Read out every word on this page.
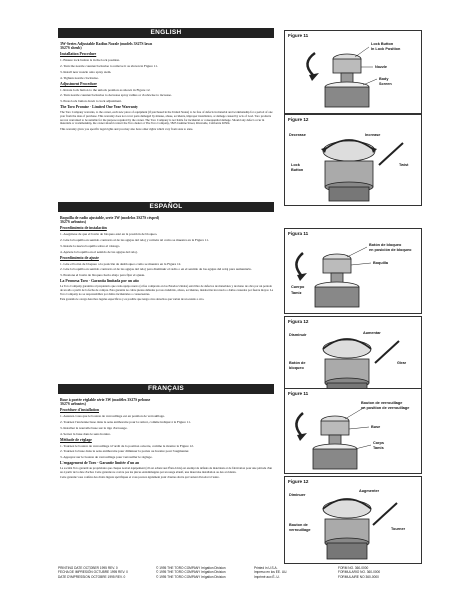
ENGLISH

3W-Series Adjustable Radius Nozzle (models 3S27S lawn
3S27S shrub)

Installation Procedure

1. Ensure lock button is in the lock position.

2. Turn the nozzle counterclockwise to remove it as shown in Figure 11.

3. Install new nozzle onto spray stem.

4. Tighten nozzle clockwise.

Adjustment Procedure

1. Rotate lock button to the unlock position as shown in Figure 12.

2. Turn nozzle counterclockwise to decrease spray radius or clockwise to increase.

3. Press lock button down to lock adjustment.

The Toro Promise - Limited One Year Warranty

The Toro Company warrants, to the owner, each new piece of equipment (if purchased in the United States) to be free of defects in material and workmanship for a period of one year from the date of purchase. This warranty does not cover parts damaged by misuse, abuse, accidents, improper installation, or damage caused by acts of God. Toro products are not warranted to be suitable for the purpose required by the owner. The Toro Company is not liable for incidental or consequential damage. Should any defect occur in materials or workmanship, the owner should contact the Toro dealer or The Toro Company, 5825 Jasmine Street, Riverside, California 92504.

This warranty gives you specific legal rights and you may also have other rights which vary from state to state.

Figure 11
Lock Button
In Lock Position
Nozzle
Body
Screen
Figure 12
Decrease	Increase
Lock
Button
Twist
ESPAÑOL

Boquilla de radio ajustable, serie 3W (modelos 3S27S césped)
3S27S arbustos)

Procedimiento de instalación

1. Asegúrese de que el botón de bloqueo esté en la posición de bloqueo.

2. Gire la boquilla en sentido contrario al de las agujas del reloj y retírela tal como se muestra en la Figura 11.

3. Instale la nueva boquilla sobre el vástago.

4. Apriete la boquilla en el sentido de las agujas del reloj.

Procedimiento de ajuste

1. Gire el botón de bloqueo a la posición de desbloqueo como se muestra en la Figura 12.

2. Gire la boquilla en sentido contrario al de las agujas del reloj para disminuir el radio o en el sentido de las agujas del reloj para aumentarlo.

3. Presione el botón de bloqueo hacia abajo para fijar el ajuste.

La Promesa Toro - Garantía limitada por un año

La Toro Company garantiza al propietario que cada equipo nuevo (si fue comprado en los Estados Unidos) está libre de defectos de materiales y de mano de obra por un período de un año a partir de la fecha de compra. Esta garantía no cubre piezas dañadas por uso indebido, abuso, accidentes, instalación incorrecta o daños causados por fuerza mayor. La Toro Company no se responsabiliza por daños incidentales o consecuentes.

Esta garantía le otorga derechos legales específicos y es posible que tenga otros derechos que varían de un estado a otro.

Figura 11
Botón de bloqueo
en posición de bloqueo
Boquilla
Cuerpo
Tamiz
Figura 12
Disminuir	Aumentar
Botón de
bloqueo
Girar
FRANÇAIS

Buse à portée réglable série 3W (modèles 3S27S pelouse
3S27S arbustes)

Procédure d'installation

1. Assurez-vous que le bouton de verrouillage est en position de verrouillage.

2. Tournez l'ancienne buse dans le sens antihoraire pour la retirer, comme indiqué à la Figure 11.

3. Installez la nouvelle buse sur la tige d'arrosage.

4. Serrez la buse dans le sens horaire.

Méthode de réglage

1. Tournez le bouton de verrouillage à l'arrêt de la position ouverte, comme le montre la Figure 12.

2. Tournez la buse dans le sens antihoraire pour diminuer la portée ou horaire pour l'augmenter.

3. Appuyez sur le bouton de verrouillage pour verrouiller le réglage.

L'engagement de Toro - Garantie limitée d'un an

La société Toro garantit au propriétaire que chaque nouvel équipement (s'il est acheté aux États-Unis) est exempt de défauts de matériaux et de fabrication pour une période d'un an à partir de la date d'achat. Cette garantie ne couvre pas les pièces endommagées par un usage abusif, une mauvaise installation ou des accidents.

Cette garantie vous confère des droits légaux spécifiques et vous pouvez également jouir d'autres droits qui varient d'un état à l'autre.

Figure 11
Bouton de verrouillage
en position de verrouillage
Buse
Corps
Tamis
Figure 12
Diminuer
Augmenter
Bouton de
verrouillage	Tourner
PRINTING DATE OCTOBER 1995 REV. 0
FECHA DE IMPRESIÓN OCTUBRE 1995 REV. 0
DATE D'IMPRESSION OCTOBRE 1995 REV. 0
© 1995 THE TORO COMPANY Irrigation Division
© 1995 THE TORO COMPANY Irrigation Division
© 1995 THE TORO COMPANY Irrigation Division
Printed in U.S.A.
Impreso en los EE. UU.
Imprimé aux É.-U.
FORM NO. 360-0000
FORMULARIO NO. 360-0000
FORMULAIRE NO 360-0000
